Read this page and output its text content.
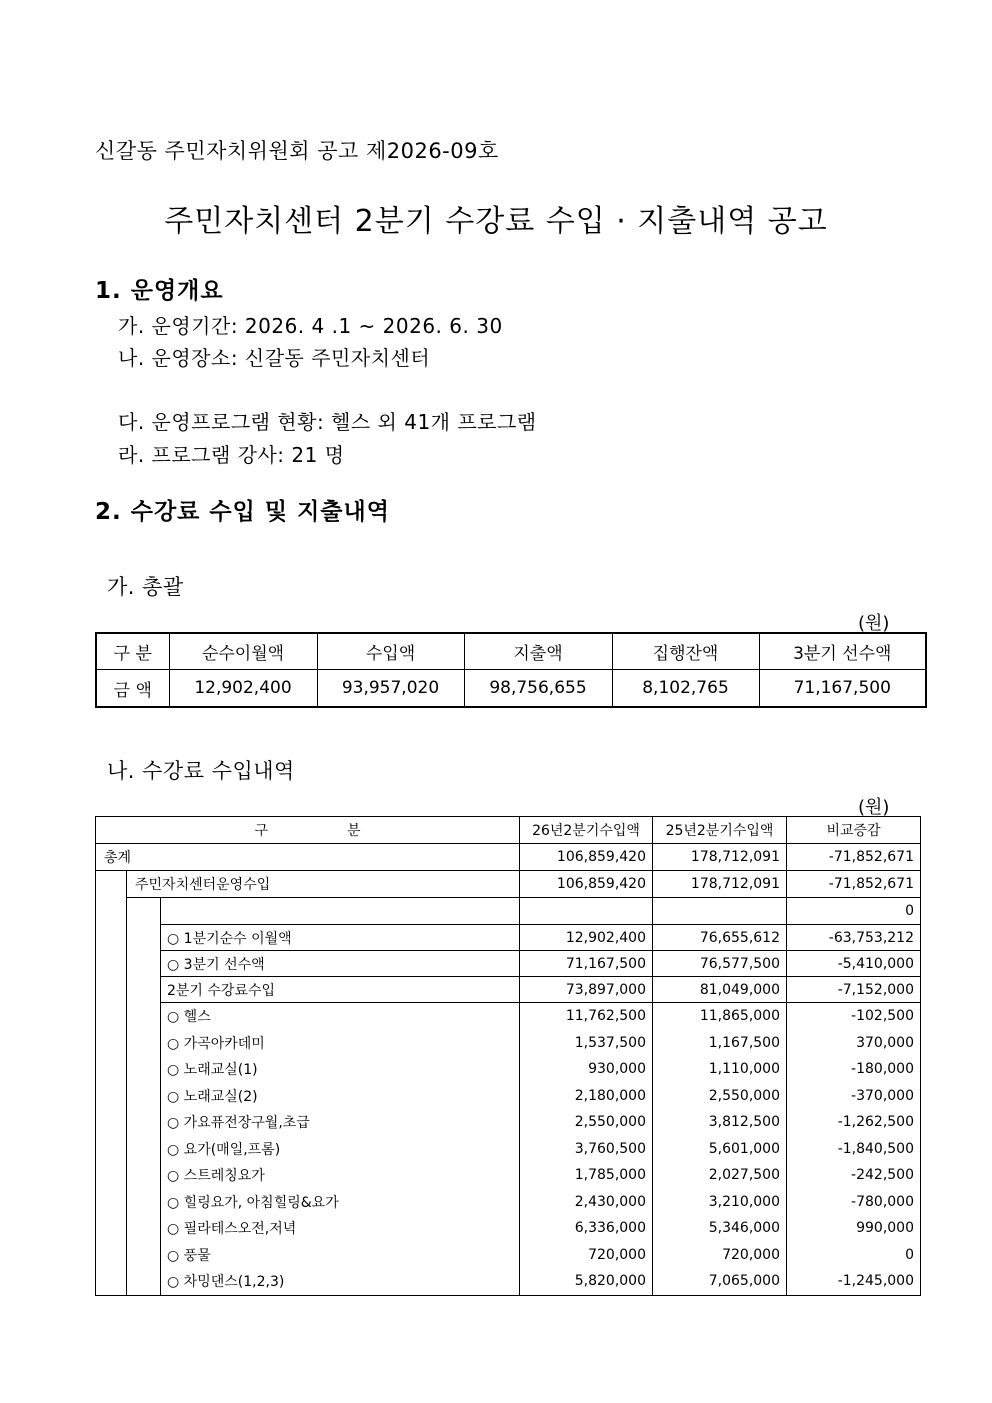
신갈동 주민자치위원회 공고 제2026-09호
주민자치센터 2분기 수강료 수입 · 지출내역 공고
1. 운영개요
가. 운영기간: 2026. 4 .1 ~ 2026. 6. 30
나. 운영장소: 신갈동 주민자치센터
다. 운영프로그램 현황: 헬스 외 41개 프로그램
라. 프로그램 강사: 21 명
2. 수강료 수입 및 지출내역
가. 총괄
(원)
구 분	순수이월액	수입액	지출액	집행잔액	3분기 선수액
금 액	12,902,400	93,957,020	98,756,655	8,102,765	71,167,500
나. 수강료 수입내역
(원)
구 분			26년2분기수입액	25년2분기수입액	비교증감
총계			106,859,420	178,712,091	-71,852,671
	주민자치센터운영수입		106,859,420	178,712,091	-71,852,671
					0
		○ 1분기순수 이월액	12,902,400	76,655,612	-63,753,212
		○ 3분기 선수액	71,167,500	76,577,500	-5,410,000
		2분기 수강료수입	73,897,000	81,049,000	-7,152,000
		○ 헬스	11,762,500	11,865,000	-102,500
		○ 가곡아카데미	1,537,500	1,167,500	370,000
		○ 노래교실(1)	930,000	1,110,000	-180,000
		○ 노래교실(2)	2,180,000	2,550,000	-370,000
		○ 가요퓨전장구월,초급	2,550,000	3,812,500	-1,262,500
		○ 요가(매일,프롬)	3,760,500	5,601,000	-1,840,500
		○ 스트레칭요가	1,785,000	2,027,500	-242,500
		○ 힐링요가, 아침힐링&요가	2,430,000	3,210,000	-780,000
		○ 필라테스오전,저녁	6,336,000	5,346,000	990,000
		○ 풍물	720,000	720,000	0
		○ 차밍댄스(1,2,3)	5,820,000	7,065,000	-1,245,000
